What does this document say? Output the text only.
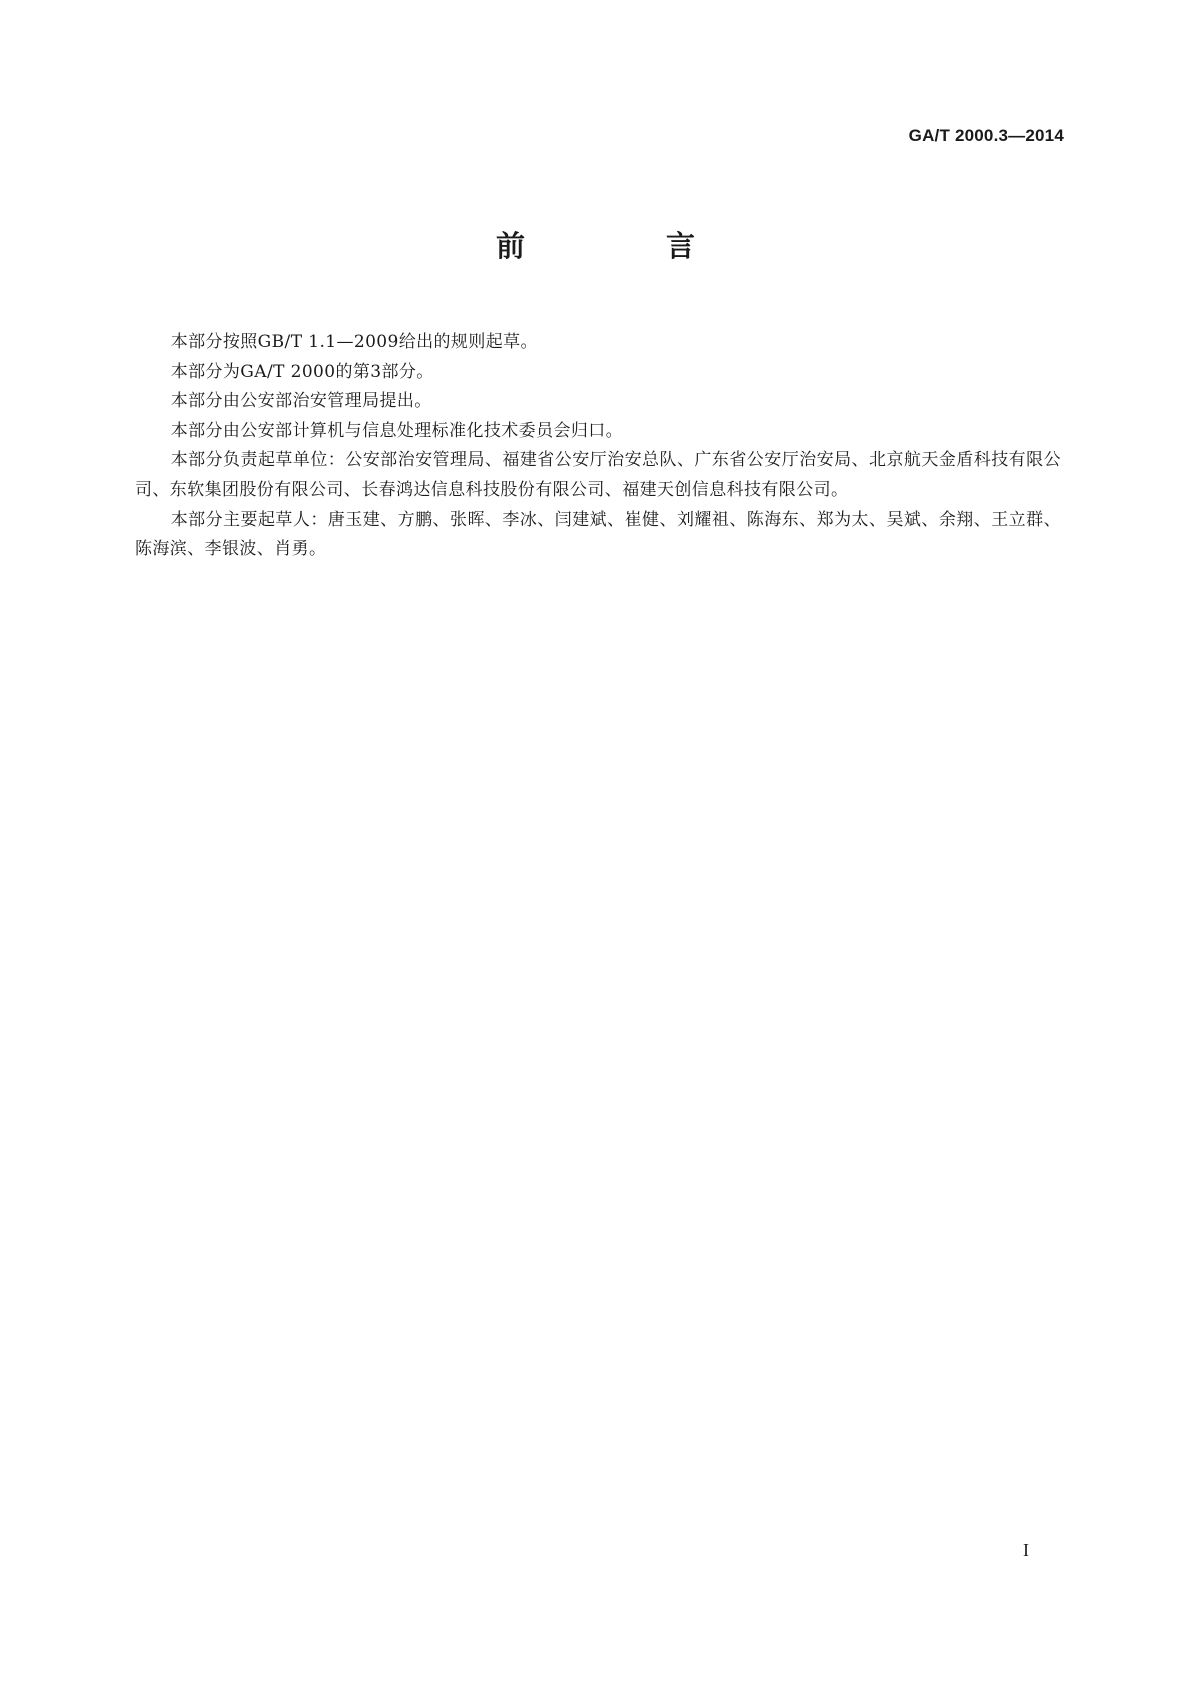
GA/T 2000.3—2014
前　言

本部分按照GB/T 1.1—2009给出的规则起草。

本部分为GA/T 2000的第3部分。

本部分由公安部治安管理局提出。

本部分由公安部计算机与信息处理标准化技术委员会归口。

本部分负责起草单位：公安部治安管理局、福建省公安厅治安总队、广东省公安厅治安局、北京航天金盾科技有限公司、东软集团股份有限公司、长春鸿达信息科技股份有限公司、福建天创信息科技有限公司。

本部分主要起草人：唐玉建、方鹏、张晖、李冰、闫建斌、崔健、刘耀祖、陈海东、郑为太、吴斌、余翔、王立群、陈海滨、李银波、肖勇。

I
